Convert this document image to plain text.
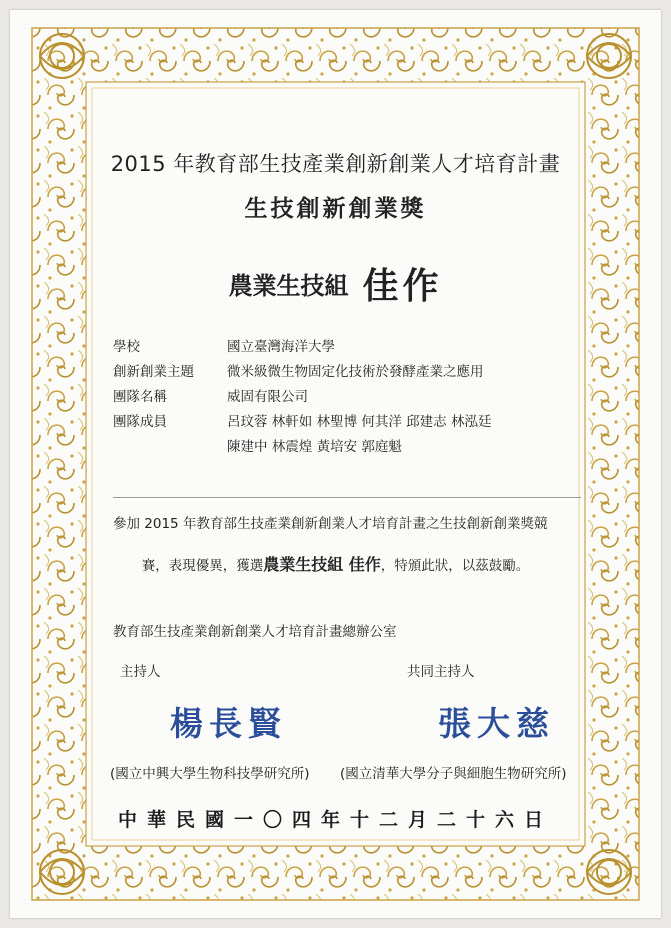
2015 年教育部生技產業創新創業人才培育計畫
生技創新創業獎
農業生技組 佳作
學校	國立臺灣海洋大學
創新創業主題 微米級微生物固定化技術於發酵產業之應用
團隊名稱	威固有限公司
團隊成員	呂玟蓉 林軒如 林聖博 何其洋 邱建志 林泓廷
陳建中 林震煌 黃培安 郭庭魁
參加 2015 年教育部生技產業創新創業人才培育計畫之生技創新創業獎競
賽，表現優異，獲選農業生技組 佳作，特頒此狀，以茲鼓勵。
教育部生技產業創新創業人才培育計畫總辦公室
主持人	共同主持人
楊長賢	張大慈
(國立中興大學生物科技學研究所) (國立清華大學分子與細胞生物研究所)
中華民國一〇四年十二月二十六日
